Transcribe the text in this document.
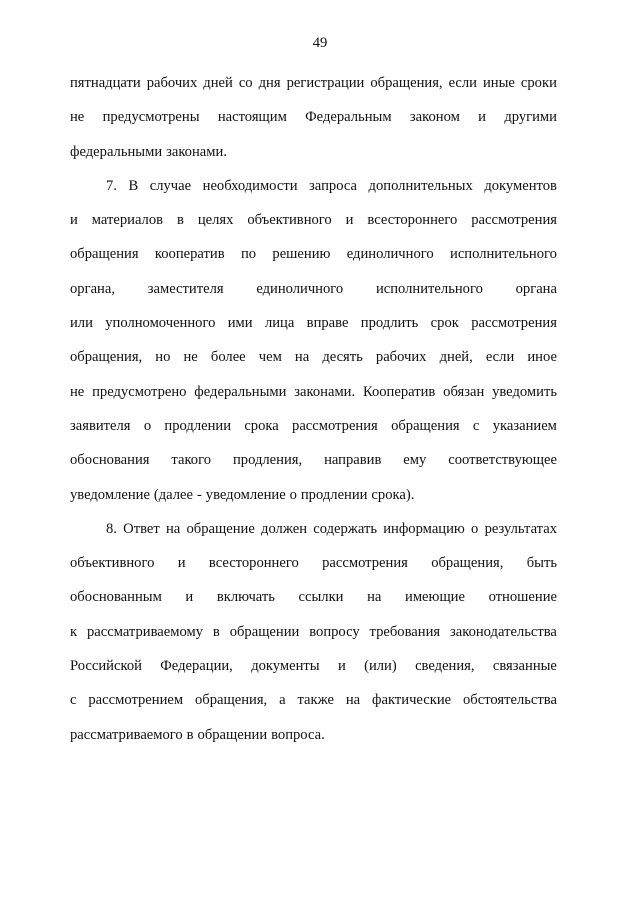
49
пятнадцати рабочих дней со дня регистрации обращения, если иные сроки
не предусмотрены настоящим Федеральным законом и другими
федеральными законами.
7. В случае необходимости запроса дополнительных документов
и материалов в целях объективного и всестороннего рассмотрения
обращения кооператив по решению единоличного исполнительного
органа, заместителя единоличного исполнительного органа
или уполномоченного ими лица вправе продлить срок рассмотрения
обращения, но не более чем на десять рабочих дней, если иное
не предусмотрено федеральными законами. Кооператив обязан уведомить
заявителя о продлении срока рассмотрения обращения с указанием
обоснования такого продления, направив ему соответствующее
уведомление (далее - уведомление о продлении срока).
8. Ответ на обращение должен содержать информацию о результатах
объективного и всестороннего рассмотрения обращения, быть
обоснованным и включать ссылки на имеющие отношение
к рассматриваемому в обращении вопросу требования законодательства
Российской Федерации, документы и (или) сведения, связанные
с рассмотрением обращения, а также на фактические обстоятельства
рассматриваемого в обращении вопроса.
